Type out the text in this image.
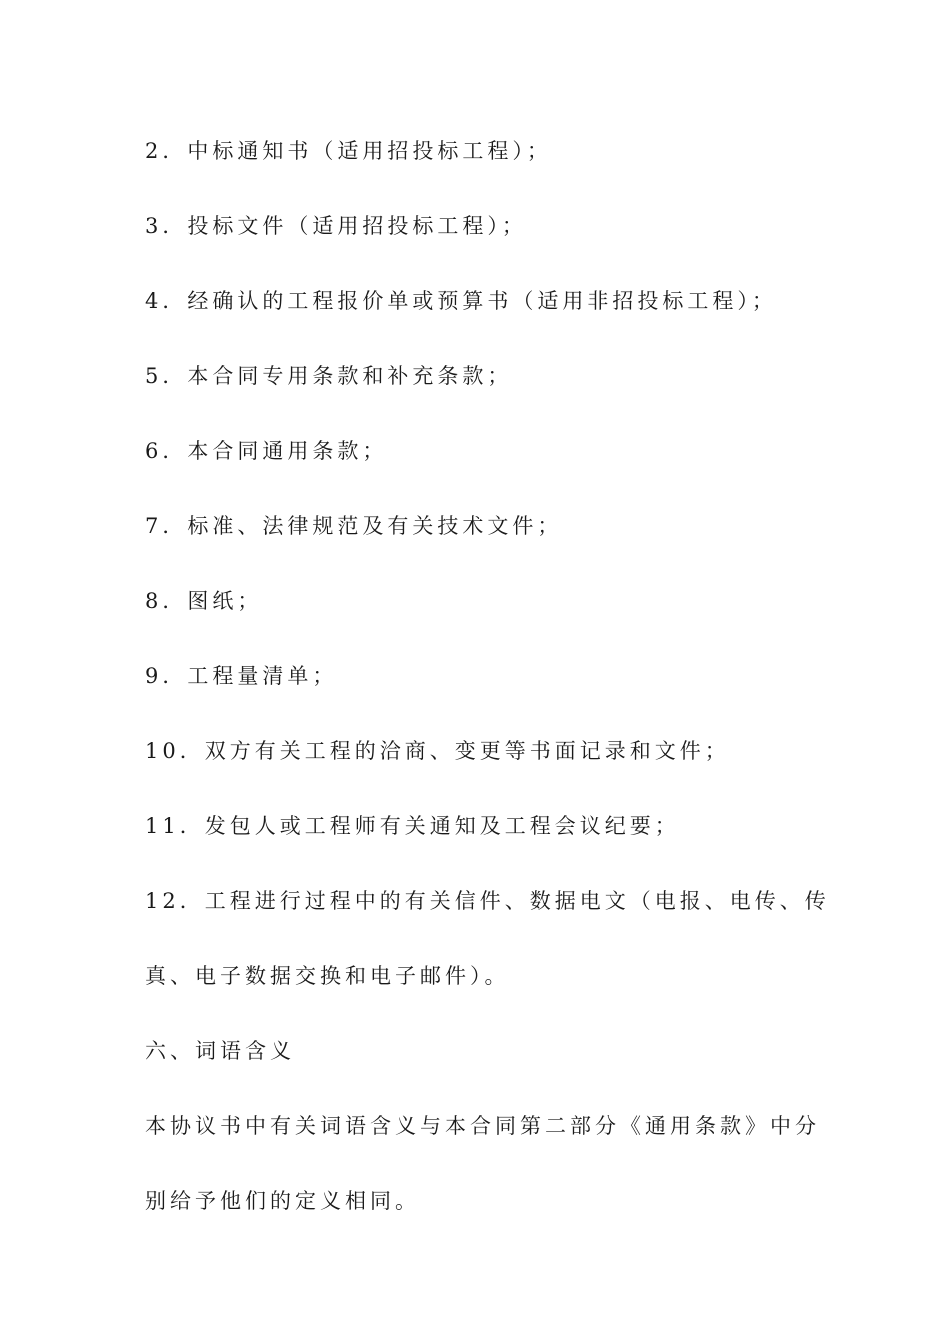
2．中标通知书（适用招投标工程）；
3．投标文件（适用招投标工程）；
4．经确认的工程报价单或预算书（适用非招投标工程）；
5．本合同专用条款和补充条款；
6．本合同通用条款；
7．标准、法律规范及有关技术文件；
8．图纸；
9．工程量清单；
10．双方有关工程的洽商、变更等书面记录和文件；
11．发包人或工程师有关通知及工程会议纪要；
12．工程进行过程中的有关信件、数据电文（电报、电传、传
真、电子数据交换和电子邮件）。
六、词语含义
本协议书中有关词语含义与本合同第二部分《通用条款》中分
别给予他们的定义相同。
